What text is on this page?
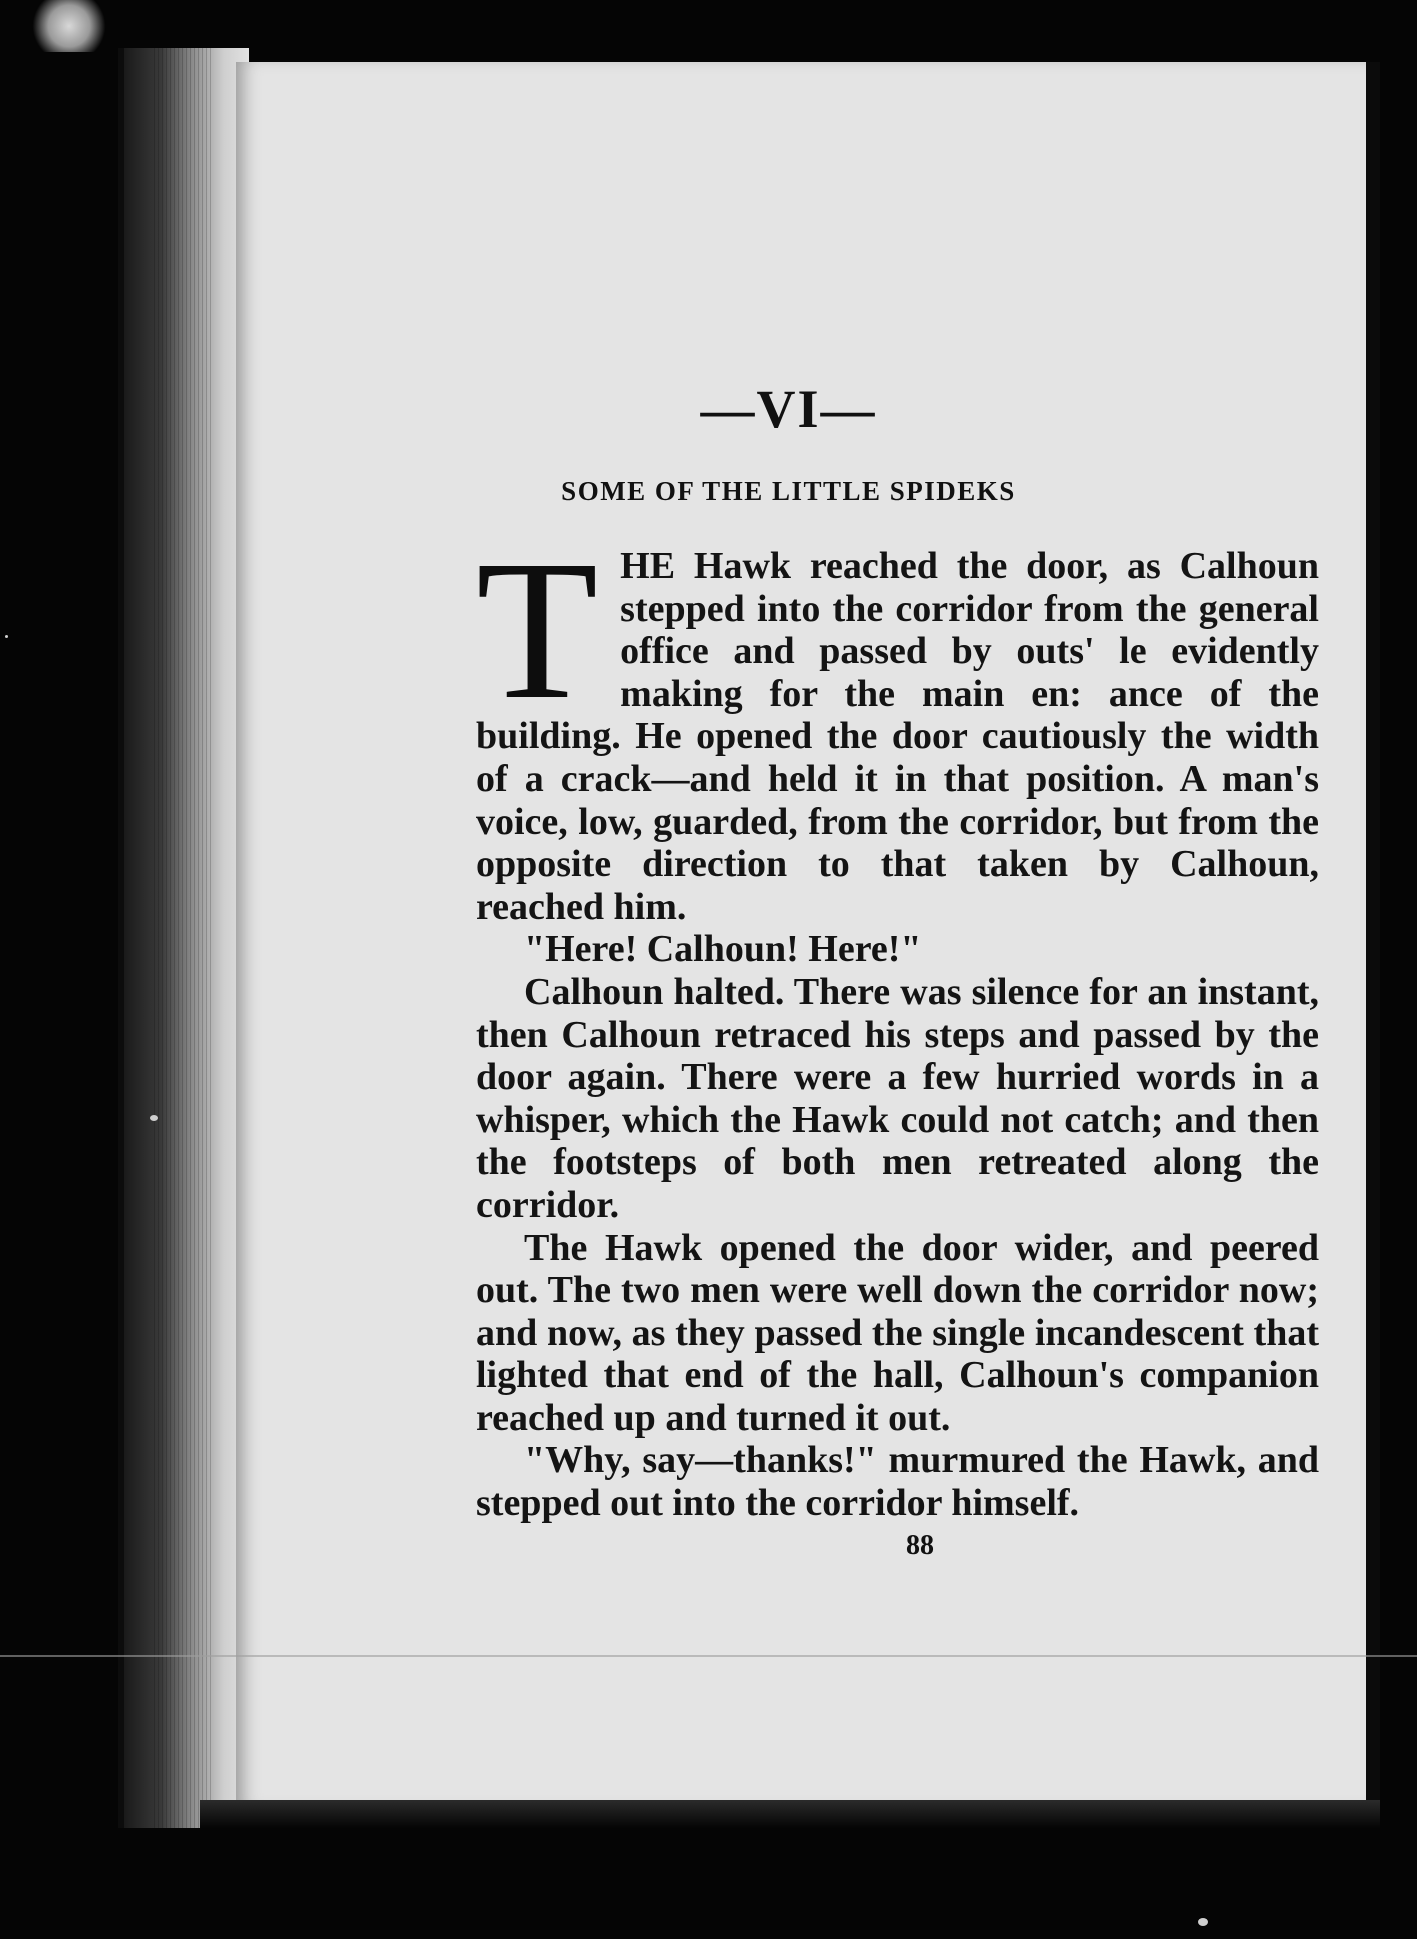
—VI—
SOME OF THE LITTLE SPIDEKS

THE Hawk reached the door, as Calhoun stepped into the corridor from the general office and passed by outs' le evidently making for the main en: ance of the building. He opened the door cautiously the width of a crack—and held it in that position. A man's voice, low, guarded, from the corridor, but from the opposite direction to that taken by Calhoun, reached him.

"Here! Calhoun! Here!"

Calhoun halted. There was silence for an instant, then Calhoun retraced his steps and passed by the door again. There were a few hurried words in a whisper, which the Hawk could not catch; and then the footsteps of both men retreated along the corridor.

The Hawk opened the door wider, and peered out. The two men were well down the corridor now; and now, as they passed the single incandescent that lighted that end of the hall, Calhoun's companion reached up and turned it out.

"Why, say—thanks!" murmured the Hawk, and stepped out into the corridor himself.

88
